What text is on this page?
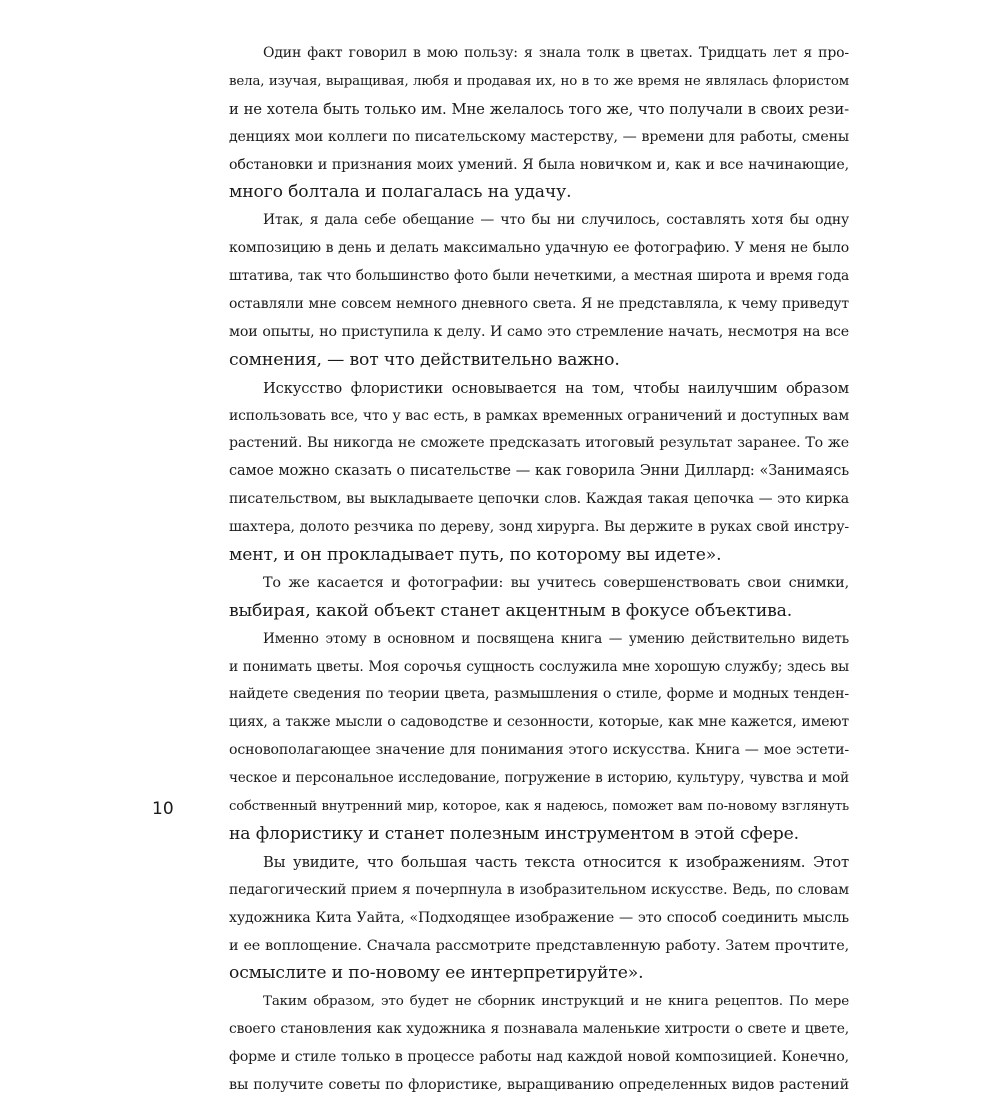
10
Один факт говорил в мою пользу: я знала толк в цветах. Тридцать лет я про-
вела, изучая, выращивая, любя и продавая их, но в то же время не являлась флористом
и не хотела быть только им. Мне желалось того же, что получали в своих рези-
денциях мои коллеги по писательскому мастерству, — времени для работы, смены
обстановки и признания моих умений. Я была новичком и, как и все начинающие,
много болтала и полагалась на удачу.
Итак, я дала себе обещание — что бы ни случилось, составлять хотя бы одну
композицию в день и делать максимально удачную ее фотографию. У меня не было
штатива, так что большинство фото были нечеткими, а местная широта и время года
оставляли мне совсем немного дневного света. Я не представляла, к чему приведут
мои опыты, но приступила к делу. И само это стремление начать, несмотря на все
сомнения, — вот что действительно важно.
Искусство флористики основывается на том, чтобы наилучшим образом
использовать все, что у вас есть, в рамках временных ограничений и доступных вам
растений. Вы никогда не сможете предсказать итоговый результат заранее. То же
самое можно сказать о писательстве — как говорила Энни Диллард: «Занимаясь
писательством, вы выкладываете цепочки слов. Каждая такая цепочка — это кирка
шахтера, долото резчика по дереву, зонд хирурга. Вы держите в руках свой инстру-
мент, и он прокладывает путь, по которому вы идете».
То же касается и фотографии: вы учитесь совершенствовать свои снимки,
выбирая, какой объект станет акцентным в фокусе объектива.
Именно этому в основном и посвящена книга — умению действительно видеть
и понимать цветы. Моя сорочья сущность сослужила мне хорошую службу; здесь вы
найдете сведения по теории цвета, размышления о стиле, форме и модных тенден-
циях, а также мысли о садоводстве и сезонности, которые, как мне кажется, имеют
основополагающее значение для понимания этого искусства. Книга — мое эстети-
ческое и персональное исследование, погружение в историю, культуру, чувства и мой
собственный внутренний мир, которое, как я надеюсь, поможет вам по-новому взглянуть
на флористику и станет полезным инструментом в этой сфере.
Вы увидите, что большая часть текста относится к изображениям. Этот
педагогический прием я почерпнула в изобразительном искусстве. Ведь, по словам
художника Кита Уайта, «Подходящее изображение — это способ соединить мысль
и ее воплощение. Сначала рассмотрите представленную работу. Затем прочтите,
осмыслите и по-новому ее интерпретируйте».
Таким образом, это будет не сборник инструкций и не книга рецептов. По мере
своего становления как художника я познавала маленькие хитрости о свете и цвете,
форме и стиле только в процессе работы над каждой новой композицией. Конечно,
вы получите советы по флористике, выращиванию определенных видов растений
